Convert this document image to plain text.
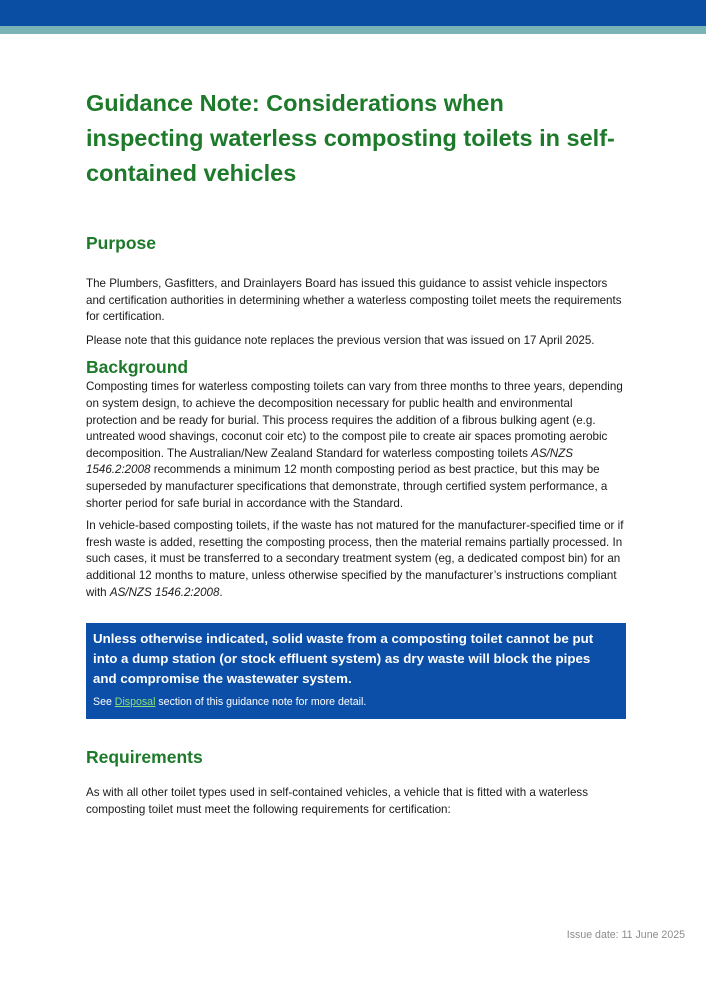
Guidance Note: Considerations when inspecting waterless composting toilets in self-contained vehicles
Purpose

The Plumbers, Gasfitters, and Drainlayers Board has issued this guidance to assist vehicle inspectors and certification authorities in determining whether a waterless composting toilet meets the requirements for certification.

Please note that this guidance note replaces the previous version that was issued on 17 April 2025.

Background

Composting times for waterless composting toilets can vary from three months to three years, depending on system design, to achieve the decomposition necessary for public health and environmental protection and be ready for burial. This process requires the addition of a fibrous bulking agent (e.g. untreated wood shavings, coconut coir etc) to the compost pile to create air spaces promoting aerobic decomposition. The Australian/New Zealand Standard for waterless composting toilets AS/NZS 1546.2:2008 recommends a minimum 12 month composting period as best practice, but this may be superseded by manufacturer specifications that demonstrate, through certified system performance, a shorter period for safe burial in accordance with the Standard.

In vehicle-based composting toilets, if the waste has not matured for the manufacturer-specified time or if fresh waste is added, resetting the composting process, then the material remains partially processed. In such cases, it must be transferred to a secondary treatment system (eg, a dedicated compost bin) for an additional 12 months to mature, unless otherwise specified by the manufacturer’s instructions compliant with AS/NZS 1546.2:2008.

Unless otherwise indicated, solid waste from a composting toilet cannot be put into a dump station (or stock effluent system) as dry waste will block the pipes and compromise the wastewater system.

See Disposal section of this guidance note for more detail.

Requirements

As with all other toilet types used in self-contained vehicles, a vehicle that is fitted with a waterless composting toilet must meet the following requirements for certification:

Issue date: 11 June 2025
